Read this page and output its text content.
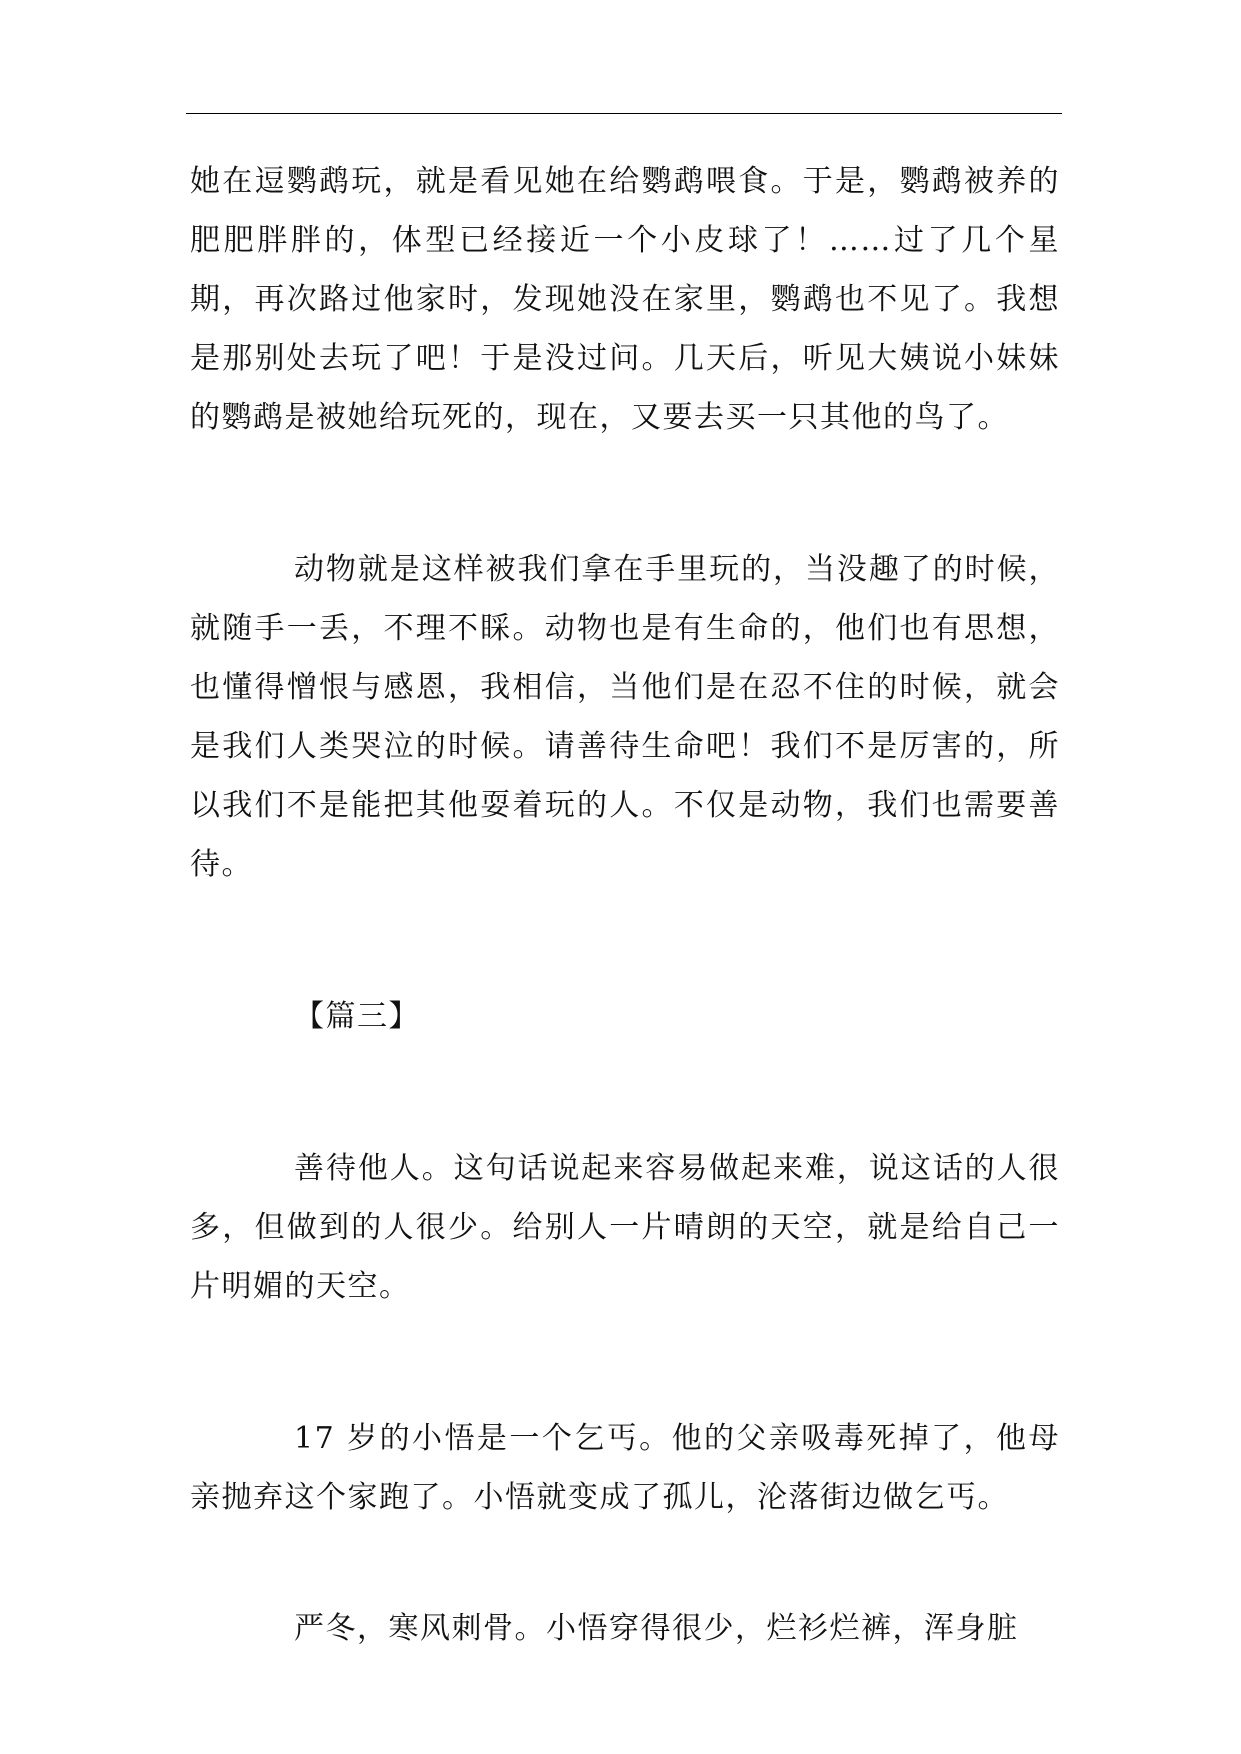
她在逗鹦鹉玩，就是看见她在给鹦鹉喂食。于是，鹦鹉被养的肥肥胖胖的，体型已经接近一个小皮球了！……过了几个星期，再次路过他家时，发现她没在家里，鹦鹉也不见了。我想是那别处去玩了吧！于是没过问。几天后，听见大姨说小妹妹的鹦鹉是被她给玩死的，现在，又要去买一只其他的鸟了。

动物就是这样被我们拿在手里玩的，当没趣了的时候，就随手一丢，不理不睬。动物也是有生命的，他们也有思想，也懂得憎恨与感恩，我相信，当他们是在忍不住的时候，就会是我们人类哭泣的时候。请善待生命吧！我们不是厉害的，所以我们不是能把其他耍着玩的人。不仅是动物，我们也需要善待。

【篇三】

善待他人。这句话说起来容易做起来难，说这话的人很多，但做到的人很少。给别人一片晴朗的天空，就是给自己一片明媚的天空。

17 岁的小悟是一个乞丐。他的父亲吸毒死掉了，他母亲抛弃这个家跑了。小悟就变成了孤儿，沦落街边做乞丐。

严冬，寒风刺骨。小悟穿得很少，烂衫烂裤，浑身脏
